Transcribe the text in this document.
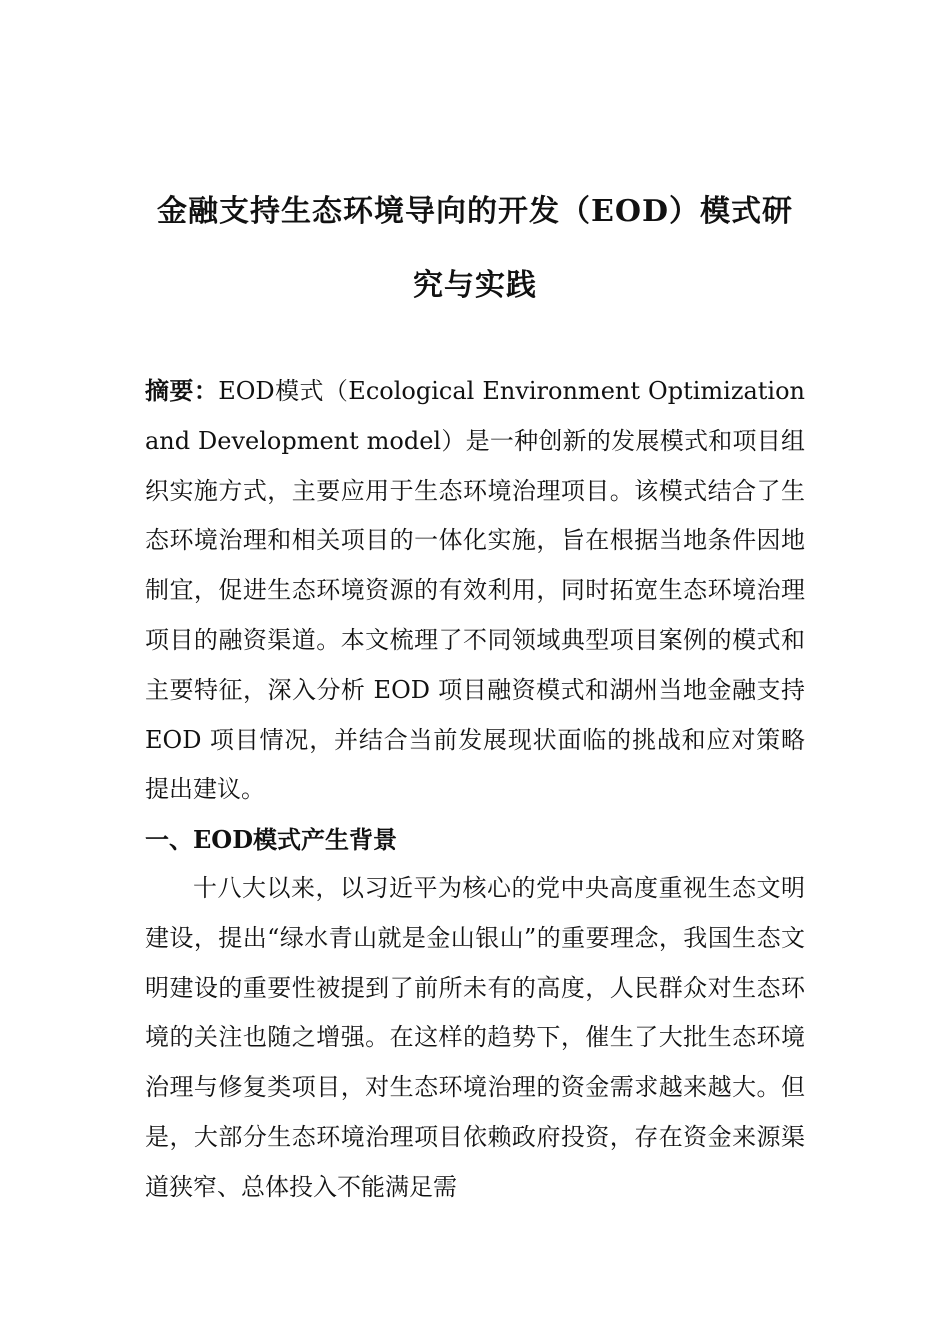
金融支持生态环境导向的开发（EOD）模式研
究与实践
摘要：EOD模式（Ecological Environment Optimization and Development model）是一种创新的发展模式和项目组织实施方式，主要应用于生态环境治理项目。该模式结合了生态环境治理和相关项目的一体化实施，旨在根据当地条件因地制宜，促进生态环境资源的有效利用，同时拓宽生态环境治理项目的融资渠道。本文梳理了不同领域典型项目案例的模式和主要特征，深入分析 EOD 项目融资模式和湖州当地金融支持 EOD 项目情况，并结合当前发展现状面临的挑战和应对策略提出建议。
一、EOD模式产生背景
十八大以来，以习近平为核心的党中央高度重视生态文明建设，提出“绿水青山就是金山银山”的重要理念，我国生态文明建设的重要性被提到了前所未有的高度，人民群众对生态环境的关注也随之增强。在这样的趋势下，催生了大批生态环境治理与修复类项目，对生态环境治理的资金需求越来越大。但是，大部分生态环境治理项目依赖政府投资，存在资金来源渠道狭窄、总体投入不能满足需
